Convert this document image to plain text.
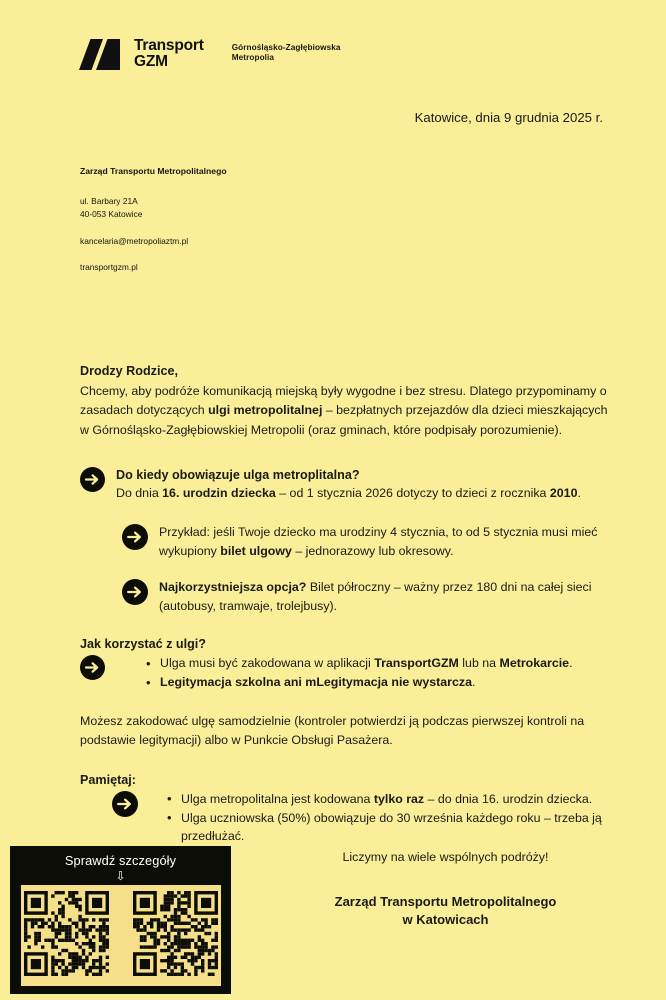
Transport
GZM
Górnośląsko-Zagłębiowska Metropolia
Katowice, dnia 9 grudnia 2025 r.
Zarząd Transportu Metropolitalnego
ul. Barbary 21A
40-053 Katowice
kancelaria@metropoliaztm.pl
transportgzm.pl
Drodzy Rodzice,

Chcemy, aby podróże komunikacją miejską były wygodne i bez stresu. Dlatego przypominamy o zasadach dotyczących ulgi metropolitalnej – bezpłatnych przejazdów dla dzieci mieszkających w Górnośląsko-Zagłębiowskiej Metropolii (oraz gminach, które podpisały porozumienie).

Do kiedy obowiązuje ulga metroplitalna?
Do dnia 16. urodzin dziecka – od 1 stycznia 2026 dotyczy to dzieci z rocznika 2010.
Przykład: jeśli Twoje dziecko ma urodziny 4 stycznia, to od 5 stycznia musi mieć wykupiony bilet ulgowy – jednorazowy lub okresowy.
Najkorzystniejsza opcja? Bilet półroczny – ważny przez 180 dni na całej sieci (autobusy, tramwaje, trolejbusy).
Jak korzystać z ulgi?
• Ulga musi być zakodowana w aplikacji TransportGZM lub na Metrokarcie.
• Legitymacja szkolna ani mLegitymacja nie wystarcza.

Możesz zakodować ulgę samodzielnie (kontroler potwierdzi ją podczas pierwszej kontroli na podstawie legitymacji) albo w Punkcie Obsługi Pasażera.

Pamiętaj:
• Ulga metropolitalna jest kodowana tylko raz – do dnia 16. urodzin dziecka.
• Ulga uczniowska (50%) obowiązuje do 30 września każdego roku – trzeba ją przedłużać.
Sprawdź szczegóły
⇩
Liczymy na wiele wspólnych podróży!
Zarząd Transportu Metropolitalnego
w Katowicach
